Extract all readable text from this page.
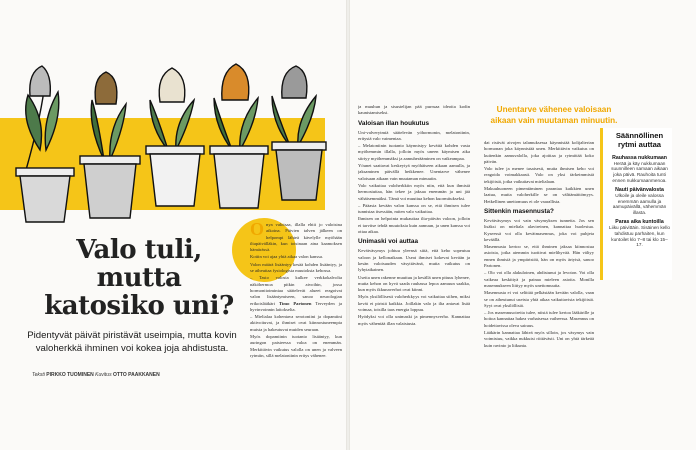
Valo tuli,
mutta
katosiko uni?
Pidentyvät päivät piristävät useimpia, mutta kovin valoherkkä ihminen voi kokea joja ahdistusta.
Teksti PIRKKO TUOMINEN Kuvitus OTTO PAAKKANEN

Onya valoisaa, illalla ehtii jo valoisina aikoina. Päivien talven jälkeen on helpompi lähteä kävelylle myöhään iltapäivälläkin, kun toisinaan aina kaamoksen hämärässä.

Kotiin voi ajaa yhtä aikaa valon kanssa.

Valon määrä lisääntyy kesää kohden lisääntyy, ja se aiheuttaa fysiologisia muutoksia kehossa.

– Tasto valosta kulkee verkkokalvolta näköhermoa pitkin aivoihin, jossa hormonitoimintaa säätelevät alueet reagoivat valon lisääntymiseen, sanoo neurologian erikoislääkäri Timo Partonen Terveyden ja hyvinvoinnin laitokselta.

– Mielialaa kohentava serotoniini ja dopamiini aktivoituvat, ja ihmiset ovat kiinnostuneempia muista ja hakeutuvat muiden seuraan.

Myös dopamiinin tuotanto lisääntyy, kun auringon paisteessa valoa on enemmän. Merkittävin vaikutus valolla on unen ja valveen rytmiin, sillä melatoniinin eritys vähenee.

ja muuhun ja sisustelijan pää purruaa ideoita kodin kaunistamiseksi.

Valoisan illan houkutus

Uni-valverytmiä säätelevän yöhormonin, melatoniinin, eritystä valo vaimentaa.

– Melatoniinin tuotanto käynnistyy kevättä kohden vasta myöhemmin illalla, jolloin myös uneen käymisen aika siirtyy myöhemmäksi ja aamuherääminen on vaikeampaa.

Yöunet saattavat keskeytyä myöhäiseen aikaan aamulla, ja jaksaminen päivällä heikkenee. Unentarve vähenee valoisaan aikaan vain muutaman minuutin.

Valo vaikuttaa valoherkkiin myös niin, että kun ihmistä hermostuttaa, hän tekee ja jaksaa enemmän ja uni jää vähäisemmäksi. Tämä voi muuttua kehon kuormitukseksi.

– Pääasia kevään valon kanssa on se, että ihmisen tulee tunnistaa itsessään, miten valo vaikuttaa.

Ihmisen on helpointa mukauttaa ilta-päivän valoon, jolloin ei tarvitse tehdä muutoksia kuin aamuun, ja unen kanssa voi ottaa aikaa.

Unimaski voi auttaa

Kevätväsymys johtuu yleensä siitä, että keho sopeutuu valoon ja kellonaikaan. Useat ihmiset kokevat kevään ja kesän valoisuuden väsyttävänä, mutta vaikutus on lyhytaikainen.

Useita unen rakenne muuttuu ja kesällä unen pituus lyhenee, mutta kehon on hyvä saada rauhassa lepoa aamuun saakka, kun myös ikkunaverhot ovat kiinni.

Myös yksilöllisesti valoherkkyys voi vaikuttaa siihen, miksi kevät ei piristä kaikkia. Joillakin valo ja ilta antavat lisää voimaa, toisilla taas energia loppuu.

Hyödyksi voi olla unimaski ja pimennysverho. Kannattaa myös vähentää illan valaistusta.

Unentarve vähenee valoisaan aikaan vain muutaman minuutin.

dat ristivät aivojen talamuksessa käynnistää kolijalterian hormonan joka käynnistää unen. Merkittävin vaikutus on kuitenkin aamuvalolla, joka ajoittaa ja rytmittää koko päivän.

Valo tulee ja menee tasaisesti, mutta ihmisen keho voi reagoida voimakkaasti. Valo on yksi tärkeimmistä tekijöistä, jotka vaikuttavat mielialaan.

Makuuhuoneen pimentäminen parantaa kaikkien unen laatua, mutta valoherkille se on välttämättömyys. Hetkellinen unettomuus ei ole vaarallista.

Sittenkin masennusta?

Kevätväsymys voi vain väsymyksen tunnetta. Jos sen lisäksi on mieliala alavireinen, kannattaa huolestua. Kyseessä voi olla kevätmasennus, joka voi puhjeta keväällä.

Masennusta kertoo se, että ihminen jaksaa kiinnostua asioista, jotka aiemmin tuottivat mielihyvää. Hän vältyy ennen ihmisiä ja ympäristöä, hän on myös ärtyisä, sanoo Partonen.

– Olo voi olla alakuloinen, ahdistunut ja levoton. Voi olla vaikeaa keskittyä ja painaa mieleen asioita. Monilla masennukseen liittyy myös unettomuutta.

Masennusta ei voi selittää pelkästään kevään valolla, vaan se on aiheutunut useista yhtä aikaa vaikuttavista tekijöistä. Syyt ovat yksilöllisiä.

– Jos masennusoireita tulee, niistä tulee kertoa lääkärille ja hoitoa kannattaa hakea varhaisessa vaiheessa. Masennus on hoidettavissa oleva sairaus.

Lääkärin kannattaa lähteä myös silloin, jos väsymys vain voimistuu, vaikka nukkuisi riittävästi. Uni on yhtä tärkeää kuin ravinto ja liikunta.

Säännöllinen rytmi auttaa
Rauhassa nukkumaan

Herää ja käy nukkumaan suunnilleen samaan aikaan joka päivä. Rauhoita tunti ennen nukkumaanmenoa.

Nauti päivänvalosta

Ulkoile ja oleile valossa enemmän aamulla ja aamupäivällä, vähemmän illasta.

Paras aika kuntoilla

Liiku päivittäin. Sisäinen kello tahdistuu parhaiten, kun kuntoilet klo 7–8 tai klo 15–17.
